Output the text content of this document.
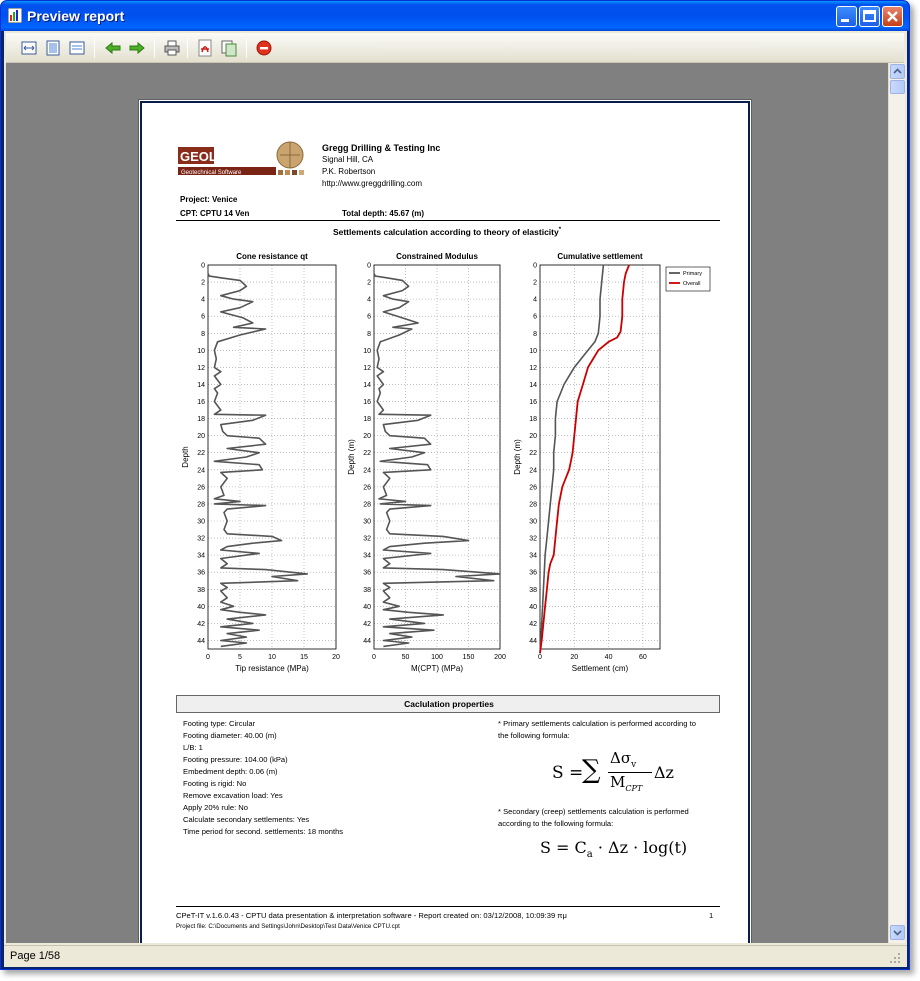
Preview report
GEOLOGISMIKI
Geotechnical Software
Gregg Drilling & Testing Inc
Signal Hill, CA
P.K. Robertson
http://www.greggdrilling.com
Project: Venice
CPT: CPTU 14 Ven	Total depth: 45.67 (m)
Settlements calculation according to theory of elasticity*
Cone resistance qt
0	5	10	15	20
0
2
4
6
8
10
12
14
16
18
20
22
24
26
28
30
32
34
36
38
40
42
44
Tip resistance (MPa)
Depth
Constrained Modulus
0	50	100	150	200
0
2
4
6
8
10
12
14
16
18
20
22
24
26
28
30
32
34
36
38
40
42
44
M(CPT) (MPa)
Depth (m)
Cumulative settlement
0	20	40	60
0
2
4
6
8
10
12
14
16
18
20
22
24
26
28
30
32
34
36
38
40
42
44
Settlement (cm)
Depth (m)
Primary
Overall
Caclulation properties
Footing type: Circular
Footing diameter: 40.00 (m)
L/B: 1
Footing pressure: 104.00 (kPa)
Embedment depth: 0.06 (m)
Footing is rigid: No
Remove excavation load: Yes
Apply 20% rule: No
Calculate secondary settlements: Yes
Time period for second. settlements: 18 months
* Primary settlements calculation is performed according to
the following formula:
S =
∑ $\Delta\sigma_v$
$M_{CPT}$
Δz
* Secondary (creep) settlements calculation is performed
according to the following formula:
$S = C_a \cdot \Delta z \cdot \log(t)$
CPeT-IT v.1.6.0.43 - CPTU data presentation & interpretation software - Report created on: 03/12/2008, 10:09:39 πμ
Project file: C:\Documents and Settings\John\Desktop\Test Data\Venice CPTU.cpt
1
Page 1/58
